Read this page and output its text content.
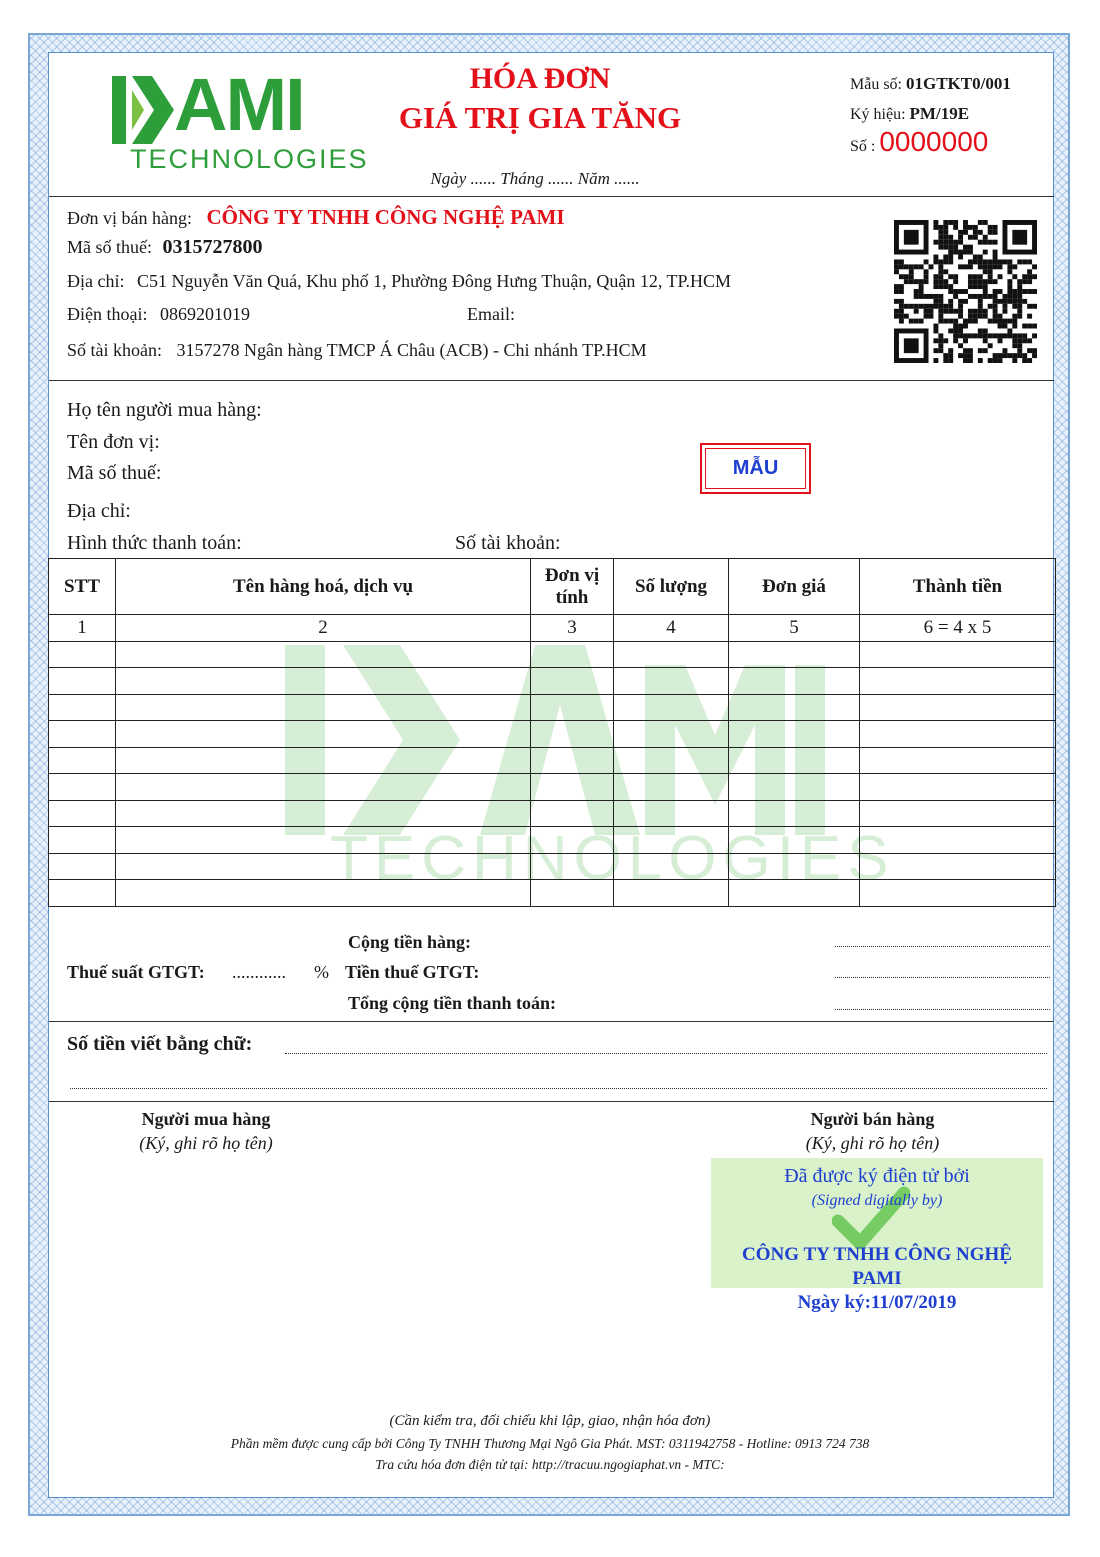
AMI
TECHNOLOGIES
HÓA ĐƠN
GIÁ TRỊ GIA TĂNG
Ngày ...... Tháng ...... Năm ......
Mẫu số: 01GTKT0/001
Ký hiệu: PM/19E
Số : 0000000
Đơn vị bán hàng: CÔNG TY TNHH CÔNG NGHỆ PAMI
Mã số thuế: 0315727800
Địa chỉ: C51 Nguyễn Văn Quá, Khu phố 1, Phường Đông Hưng Thuận, Quận 12, TP.HCM
Điện thoại: 0869201019	Email:
Số tài khoản: 3157278 Ngân hàng TMCP Á Châu (ACB) - Chi nhánh TP.HCM
Họ tên người mua hàng:
Tên đơn vị:
Mã số thuế:
Địa chỉ:
Hình thức thanh toán:	Số tài khoản:
MẪU
TECHNOLOGIES
STT	Tên hàng hoá, dịch vụ	Đơn vị tính	Số lượng	Đơn giá	Thành tiền
1	2	3	4	5	6 = 4 x 5

Cộng tiền hàng:
Thuế suất GTGT: ............ % Tiền thuế GTGT:
Tổng cộng tiền thanh toán:
Số tiền viết bằng chữ:
Người mua hàng
(Ký, ghi rõ họ tên)
Người bán hàng
(Ký, ghi rõ họ tên)
Đã được ký điện tử bởi
(Signed digitally by)
CÔNG TY TNHH CÔNG NGHỆ
PAMI
Ngày ký:11/07/2019
(Cần kiểm tra, đối chiếu khi lập, giao, nhận hóa đơn)
Phần mềm được cung cấp bởi Công Ty TNHH Thương Mại Ngô Gia Phát. MST: 0311942758 - Hotline: 0913 724 738
Tra cứu hóa đơn điện tử tại: http://tracuu.ngogiaphat.vn - MTC:
